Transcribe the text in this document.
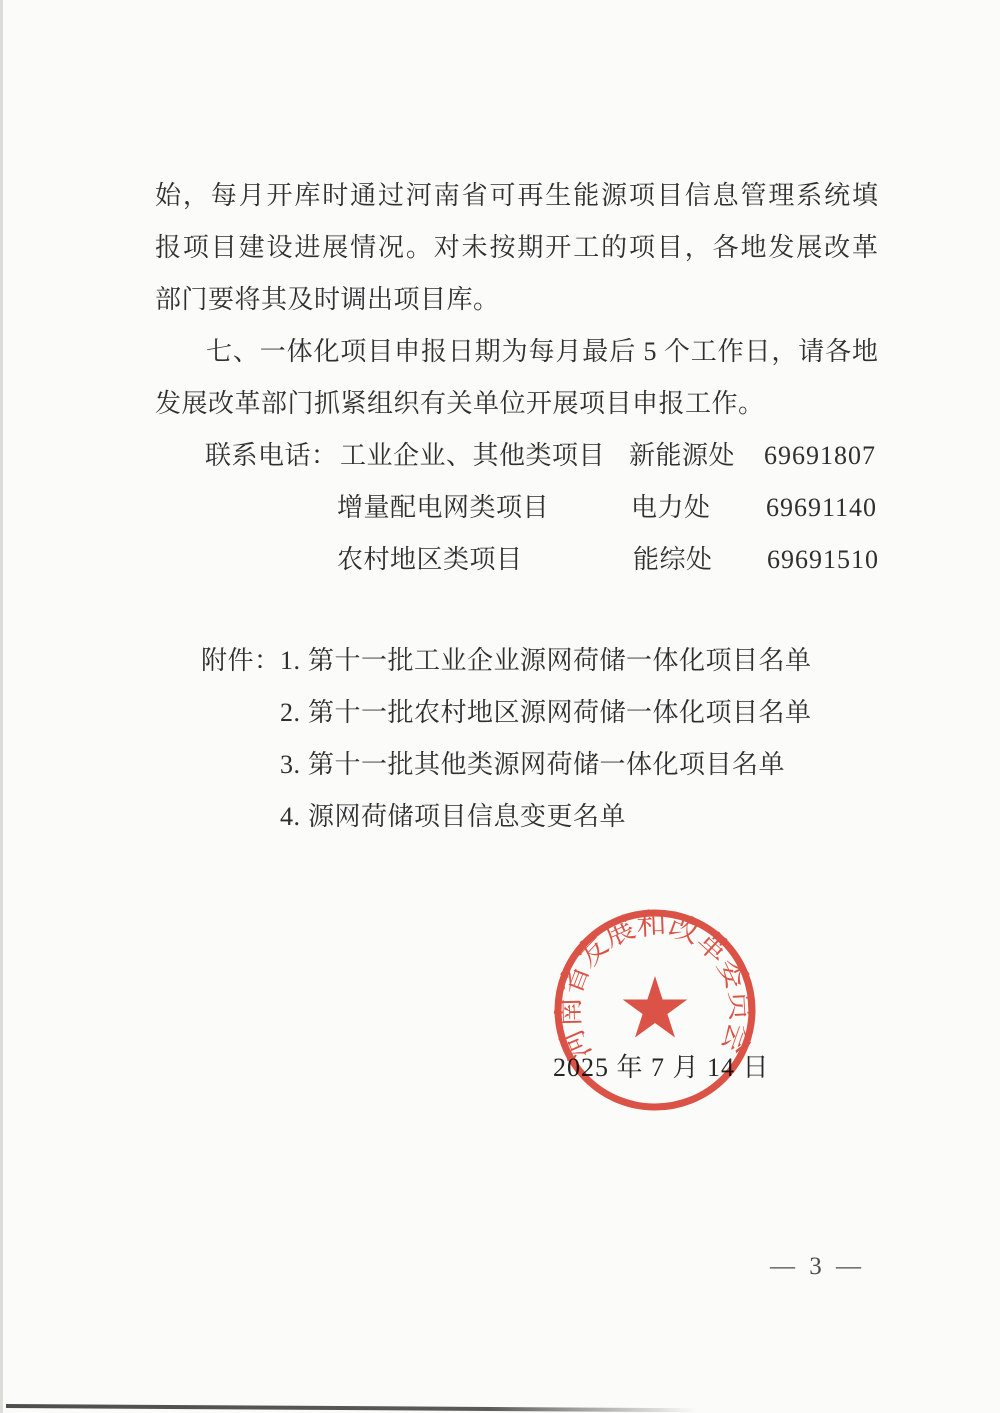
始，每月开库时通过河南省可再生能源项目信息管理系统填
报项目建设进展情况。对未按期开工的项目，各地发展改革
部门要将其及时调出项目库。
七、一体化项目申报日期为每月最后 5 个工作日，请各地
发展改革部门抓紧组织有关单位开展项目申报工作。
联系电话： 工业企业、其他类项目 新能源处 69691807
增量配电网类项目	电力处 69691140
农村地区类项目	能综处 69691510
附件： 1. 第十一批工业企业源网荷储一体化项目名单
2. 第十一批农村地区源网荷储一体化项目名单
3. 第十一批其他类源网荷储一体化项目名单
4. 源网荷储项目信息变更名单
2025 年 7 月 14 日
河南省发展和改革委员会
— 3 —
